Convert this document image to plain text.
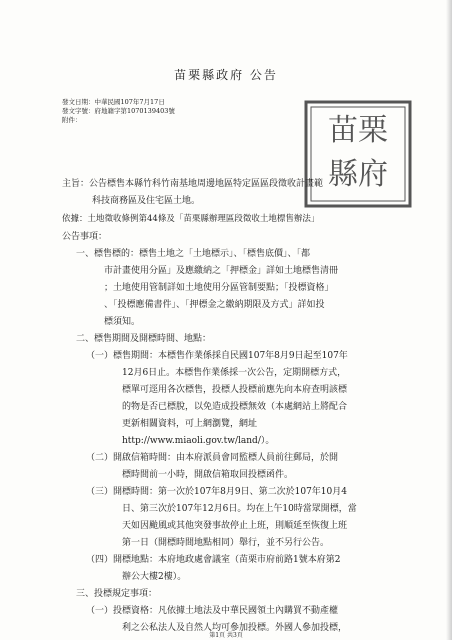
苗栗縣政府 公告
發文日期：中華民國107年7月17日
發文字號：府地籍字第1070139403號
附件：	苗栗
縣府
主旨：公告標售本縣竹科竹南基地周邊地區特定區區段徵收計畫範
科技商務區及住宅區土地。
依據：土地徵收條例第44條及「苗栗縣辦理區段徵收土地標售辦法」
公告事項：
一、標售標的：標售土地之「土地標示」、「標售底價」、「都
市計畫使用分區」及應繳納之「押標金」詳如土地標售清冊
；土地使用管制詳如土地使用分區管制要點；「投標資格」
、「投標應備書件」、「押標金之繳納期限及方式」詳如投
標須知。
二、標售期間及開標時間、地點：
（一）標售期間：本標售作業係採自民國107年8月9日起至107年
12月6日止。本標售作業係採一次公告，定期開標方式，
標單可逕用各次標售，投標人投標前應先向本府查明該標
的物是否已標脫，以免造成投標無效（本處網站上將配合
更新相關資料，可上網瀏覽，網址
http://www.miaoli.gov.tw/land/）。
（二）開啟信箱時間：由本府派員會同監標人員前往郵局，於開
標時間前一小時，開啟信箱取回投標函件。
（三）開標時間：第一次於107年8月9日、第二次於107年10月4
日、第三次於107年12月6日。均在上午10時當眾開標，當
天如因颱風或其他突發事故停止上班，則順延至恢復上班
第一日（開標時間地點相同）舉行，並不另行公告。
（四）開標地點：本府地政處會議室（苗栗市府前路1號本府第2
辦公大樓2樓）。
三、投標規定事項：
（一）投標資格：凡依據土地法及中華民國領土內購買不動產權
利之公私法人及自然人均可參加投標。外國人參加投標，
第1頁 共3頁
